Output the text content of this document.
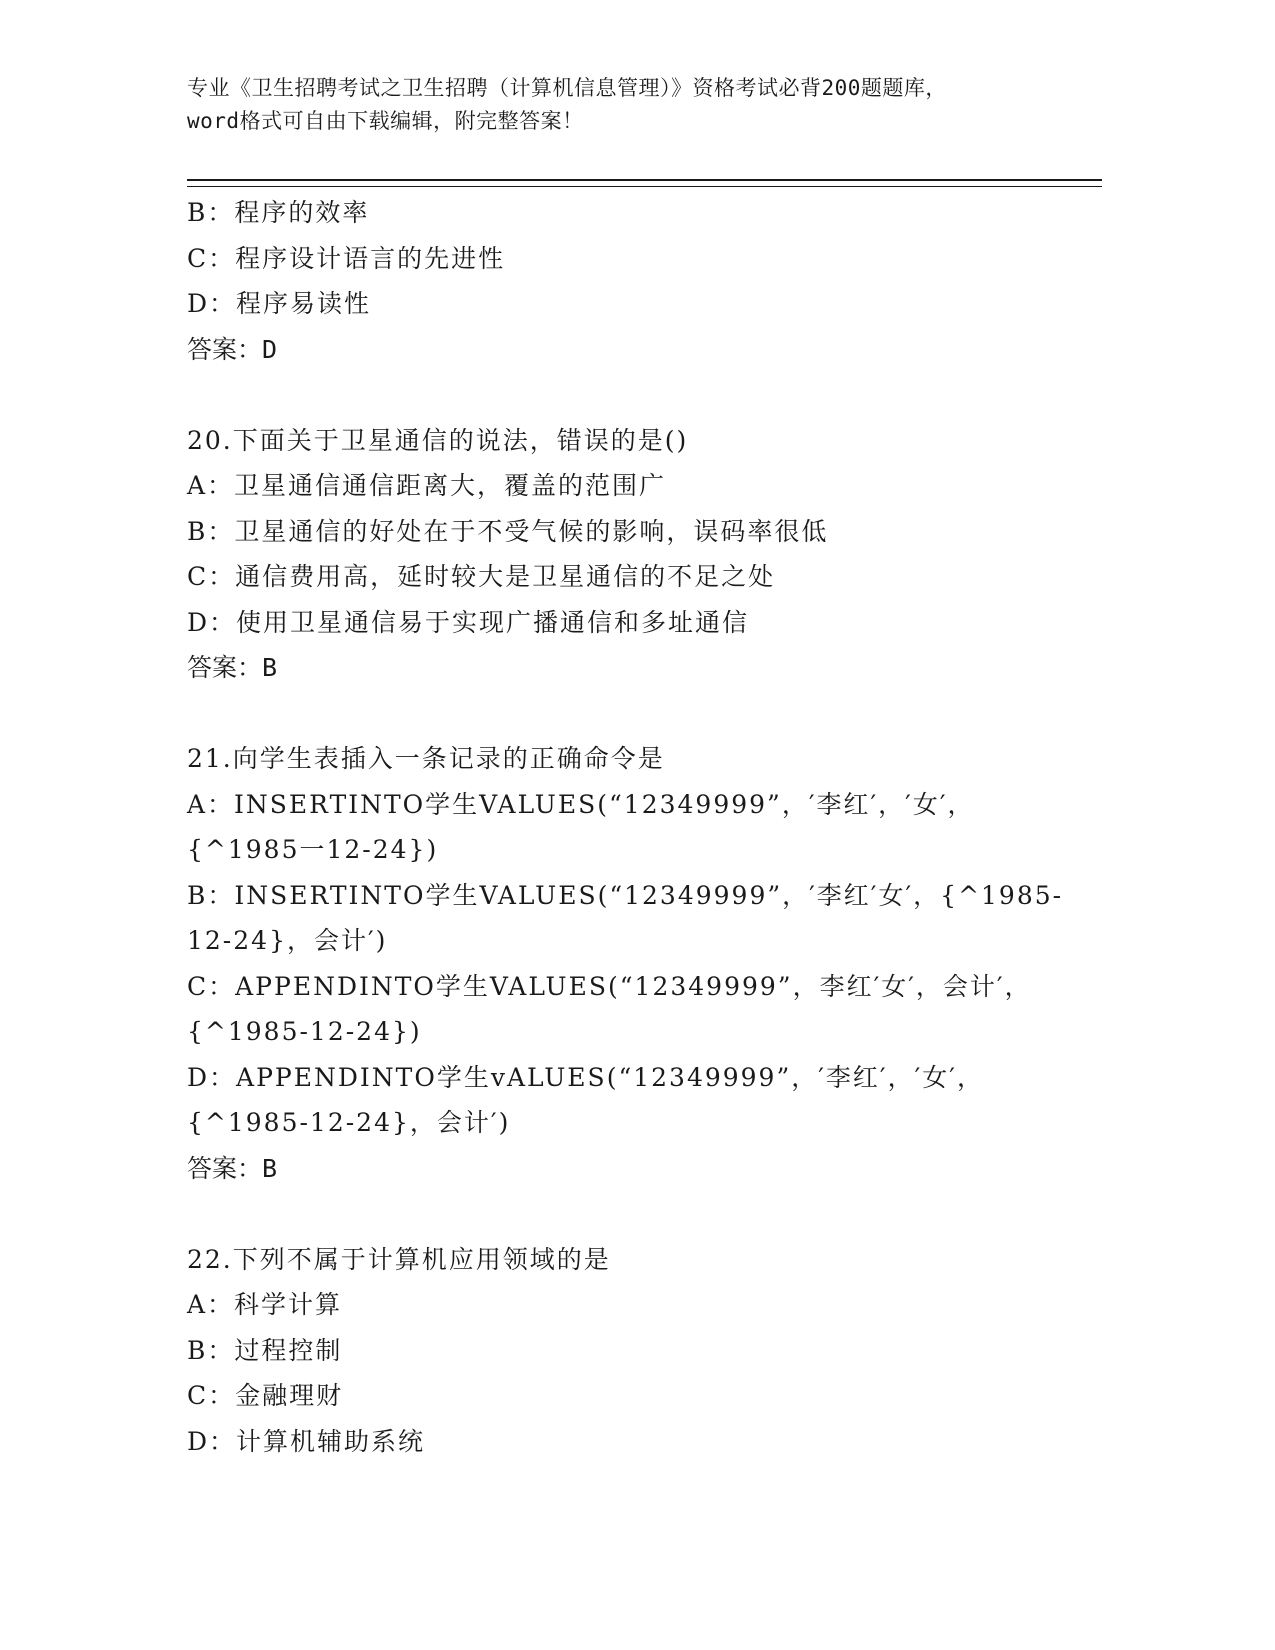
专业《卫生招聘考试之卫生招聘（计算机信息管理）》资格考试必背200题题库，
word格式可自由下载编辑，附完整答案！
B：程序的效率
C：程序设计语言的先进性
D：程序易读性
答案：D
20.下面关于卫星通信的说法，错误的是()
A：卫星通信通信距离大，覆盖的范围广
B：卫星通信的好处在于不受气候的影响，误码率很低
C：通信费用高，延时较大是卫星通信的不足之处
D：使用卫星通信易于实现广播通信和多址通信
答案：B
21.向学生表插入一条记录的正确命令是
A：INSERTINTO学生VALUES(“12349999”，′李红′，′女′，
{^1985一12-24})
B：INSERTINTO学生VALUES(“12349999”，′李红′女′，{^1985-
12-24}，会计′)
C：APPENDINTO学生VALUES(“12349999”，李红′女′，会计′，
{^1985-12-24})
D：APPENDINTO学生vALUES(“12349999”，′李红′，′女′，
{^1985-12-24}，会计′)
答案：B
22.下列不属于计算机应用领域的是
A：科学计算
B：过程控制
C：金融理财
D：计算机辅助系统
